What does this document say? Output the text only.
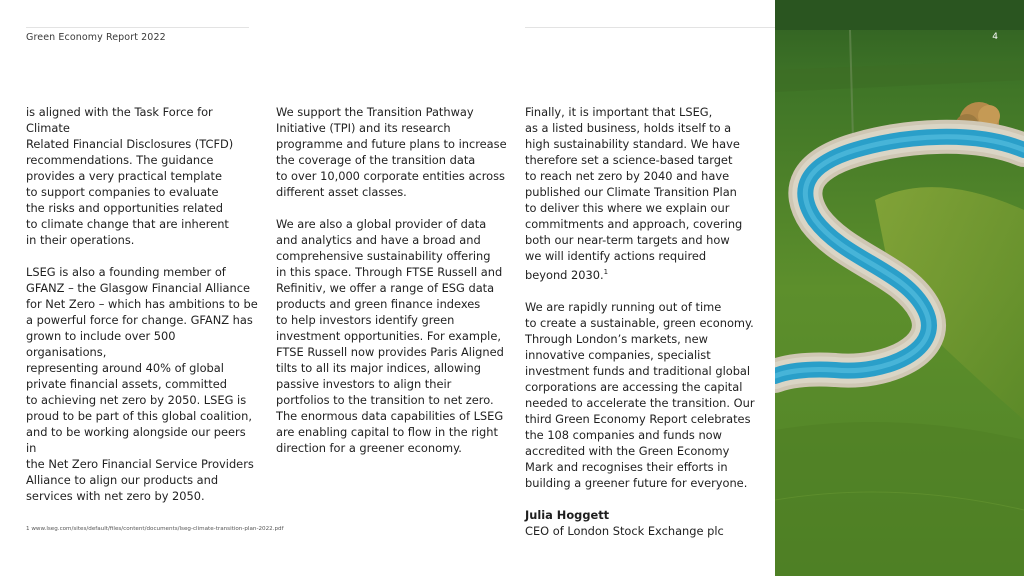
Green Economy Report 2022

is aligned with the Task Force for Climate
Related Financial Disclosures (TCFD)
recommendations. The guidance
provides a very practical template
to support companies to evaluate
the risks and opportunities related
to climate change that are inherent
in their operations.

LSEG is also a founding member of
GFANZ – the Glasgow Financial Alliance
for Net Zero – which has ambitions to be
a powerful force for change. GFANZ has
grown to include over 500 organisations,
representing around 40% of global
private financial assets, committed
to achieving net zero by 2050. LSEG is
proud to be part of this global coalition,
and to be working alongside our peers in
the Net Zero Financial Service Providers
Alliance to align our products and
services with net zero by 2050.

We support the Transition Pathway
Initiative (TPI) and its research
programme and future plans to increase
the coverage of the transition data
to over 10,000 corporate entities across
different asset classes.

We are also a global provider of data
and analytics and have a broad and
comprehensive sustainability offering
in this space. Through FTSE Russell and
Refinitiv, we offer a range of ESG data
products and green finance indexes
to help investors identify green
investment opportunities. For example,
FTSE Russell now provides Paris Aligned
tilts to all its major indices, allowing
passive investors to align their
portfolios to the transition to net zero.
The enormous data capabilities of LSEG
are enabling capital to flow in the right
direction for a greener economy.

Finally, it is important that LSEG,
as a listed business, holds itself to a
high sustainability standard. We have
therefore set a science-based target
to reach net zero by 2040 and have
published our Climate Transition Plan
to deliver this where we explain our
commitments and approach, covering
both our near-term targets and how
we will identify actions required
beyond 2030.$^1$

We are rapidly running out of time
to create a sustainable, green economy.
Through London’s markets, new
innovative companies, specialist
investment funds and traditional global
corporations are accessing the capital
needed to accelerate the transition. Our
third Green Economy Report celebrates
the 108 companies and funds now
accredited with the Green Economy
Mark and recognises their efforts in
building a greener future for everyone.

Julia Hoggett
CEO of London Stock Exchange plc
1 www.lseg.com/sites/default/files/content/documents/lseg-climate-transition-plan-2022.pdf
4
